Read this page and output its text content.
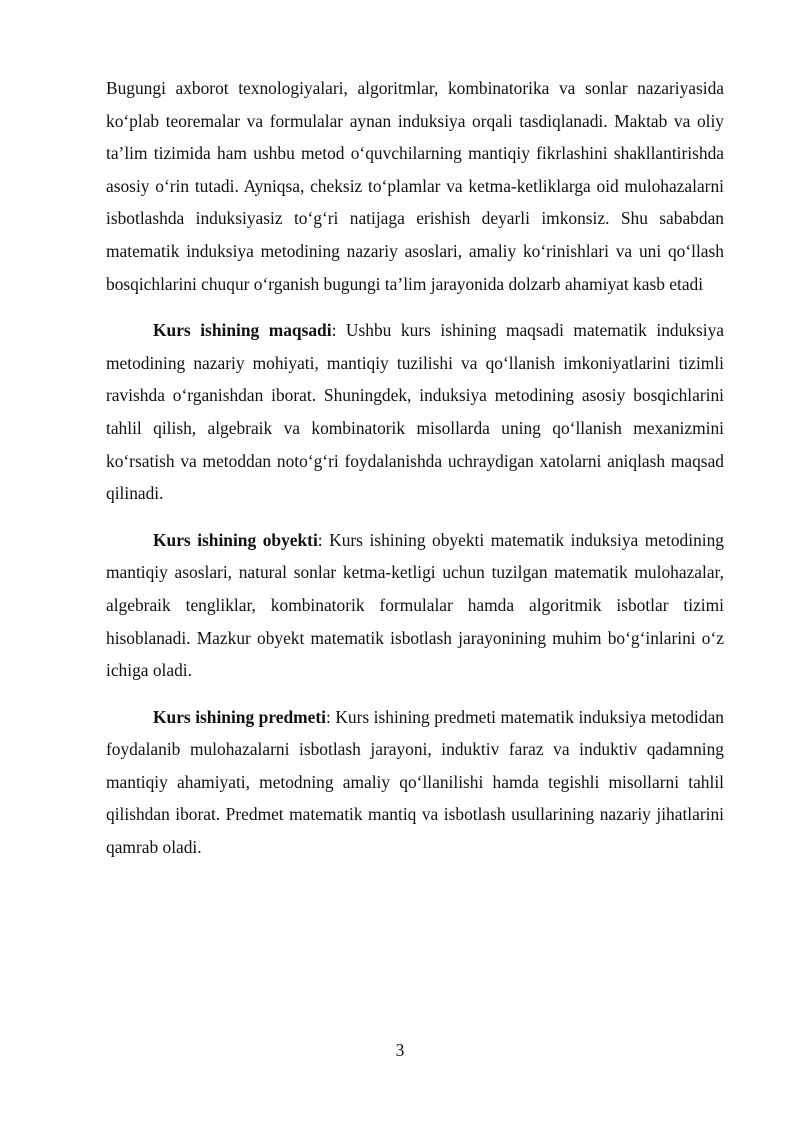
Bugungi axborot texnologiyalari, algoritmlar, kombinatorika va sonlar nazariyasida ko‘plab teoremalar va formulalar aynan induksiya orqali tasdiqlanadi. Maktab va oliy ta’lim tizimida ham ushbu metod o‘quvchilarning mantiqiy fikrlashini shakllantirishda asosiy o‘rin tutadi. Ayniqsa, cheksiz to‘plamlar va ketma-ketliklarga oid mulohazalarni isbotlashda induksiyasiz to‘g‘ri natijaga erishish deyarli imkonsiz. Shu sababdan matematik induksiya metodining nazariy asoslari, amaliy ko‘rinishlari va uni qo‘llash bosqichlarini chuqur o‘rganish bugungi ta’lim jarayonida dolzarb ahamiyat kasb etadi

Kurs ishining maqsadi: Ushbu kurs ishining maqsadi matematik induksiya metodining nazariy mohiyati, mantiqiy tuzilishi va qo‘llanish imkoniyatlarini tizimli ravishda o‘rganishdan iborat. Shuningdek, induksiya metodining asosiy bosqichlarini tahlil qilish, algebraik va kombinatorik misollarda uning qo‘llanish mexanizmini ko‘rsatish va metoddan noto‘g‘ri foydalanishda uchraydigan xatolarni aniqlash maqsad qilinadi.

Kurs ishining obyekti: Kurs ishining obyekti matematik induksiya metodining mantiqiy asoslari, natural sonlar ketma-ketligi uchun tuzilgan matematik mulohazalar, algebraik tengliklar, kombinatorik formulalar hamda algoritmik isbotlar tizimi hisoblanadi. Mazkur obyekt matematik isbotlash jarayonining muhim bo‘g‘inlarini o‘z ichiga oladi.

Kurs ishining predmeti: Kurs ishining predmeti matematik induksiya metodidan foydalanib mulohazalarni isbotlash jarayoni, induktiv faraz va induktiv qadamning mantiqiy ahamiyati, metodning amaliy qo‘llanilishi hamda tegishli misollarni tahlil qilishdan iborat. Predmet matematik mantiq va isbotlash usullarining nazariy jihatlarini qamrab oladi.

3
